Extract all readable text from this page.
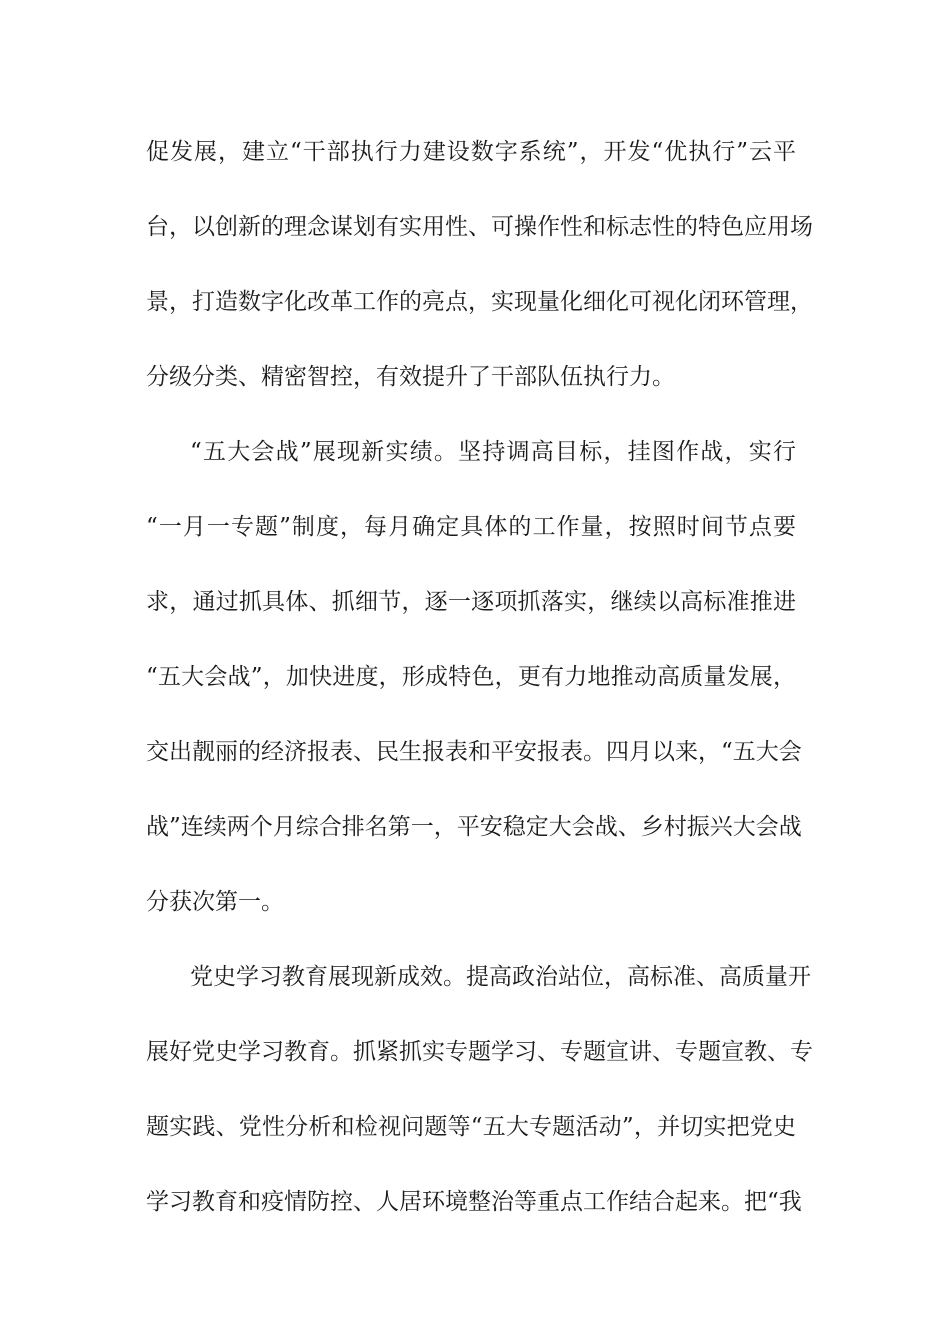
促发展，建立“干部执行力建设数字系统”，开发“优执行”云平
台，以创新的理念谋划有实用性、可操作性和标志性的特色应用场
景，打造数字化改革工作的亮点，实现量化细化可视化闭环管理，
分级分类、精密智控，有效提升了干部队伍执行力。
“五大会战”展现新实绩。坚持调高目标，挂图作战，实行
“一月一专题”制度，每月确定具体的工作量，按照时间节点要
求，通过抓具体、抓细节，逐一逐项抓落实，继续以高标准推进
“五大会战”，加快进度，形成特色，更有力地推动高质量发展，
交出靓丽的经济报表、民生报表和平安报表。四月以来，“五大会
战”连续两个月综合排名第一，平安稳定大会战、乡村振兴大会战
分获次第一。
党史学习教育展现新成效。提高政治站位，高标准、高质量开
展好党史学习教育。抓紧抓实专题学习、专题宣讲、专题宣教、专
题实践、党性分析和检视问题等“五大专题活动”，并切实把党史
学习教育和疫情防控、人居环境整治等重点工作结合起来。把“我
